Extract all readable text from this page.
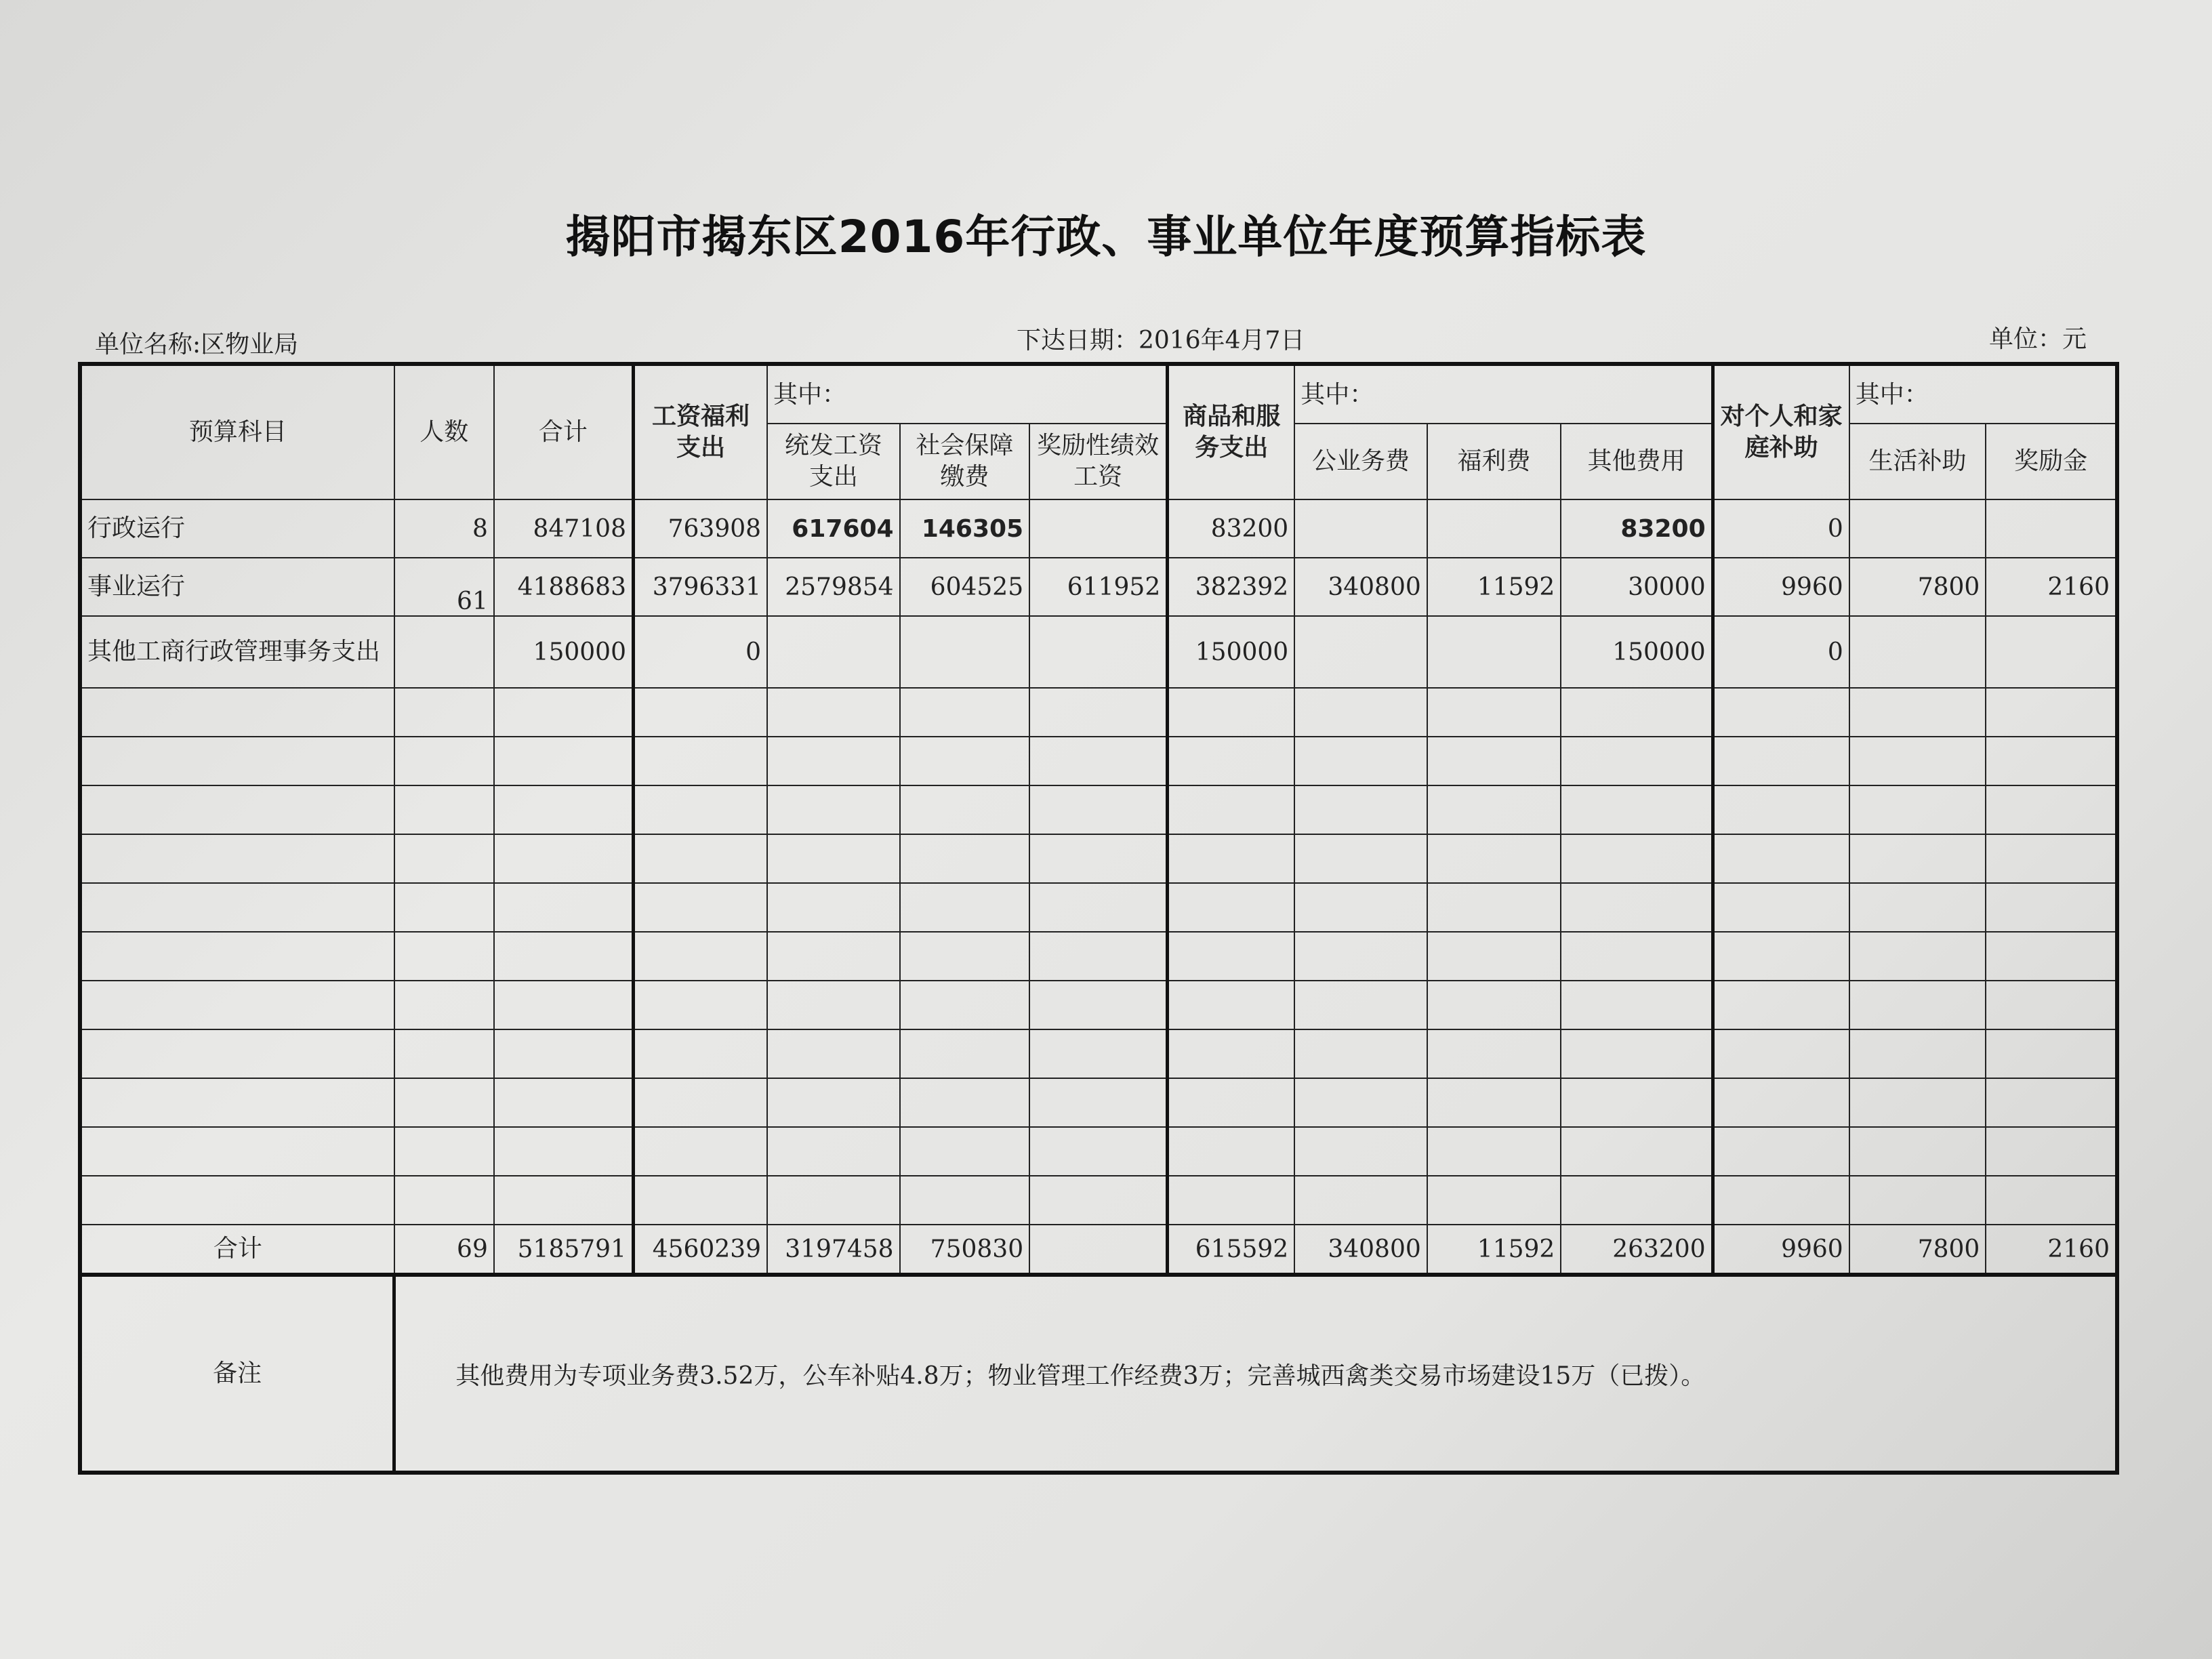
揭阳市揭东区2016年行政、事业单位年度预算指标表
单位名称:区物业局	下达日期：2016年4月7日	单位：元
预算科目	人数	合计	工资福利支出	其中：			商品和服务支出	其中：			对个人和家庭补助	其中：	
				统发工资支出	社会保障缴费	奖励性绩效工资		公业务费	福利费	其他费用		生活补助	奖励金
行政运行	8	847108	763908	617604	146305		83200			83200	0		
事业运行	61	4188683	3796331	2579854	604525	611952	382392	340800	11592	30000	9960	7800	2160
其他工商行政管理事务支出		150000	0				150000			150000	0		

合计	69	5185791	4560239	3197458	750830		615592	340800	11592	263200	9960	7800	2160
备注	其他费用为专项业务费3.52万，公车补贴4.8万；物业管理工作经费3万；完善城西禽类交易市场建设15万（已拨）。												
